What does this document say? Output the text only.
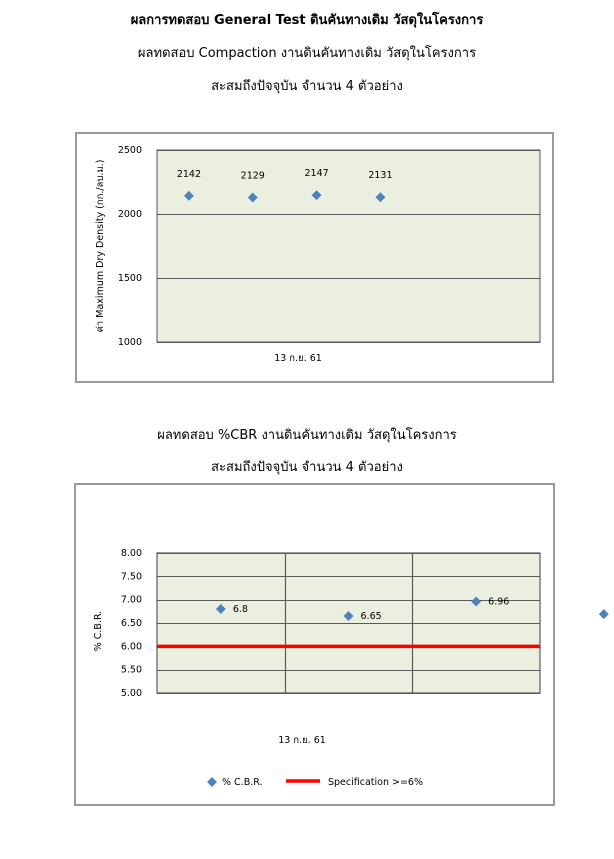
ผลการทดสอบ General Test ดินคันทางเดิม วัสดุในโครงการ
ผลทดสอบ Compaction งานดินคันทางเดิม วัสดุในโครงการ
สะสมถึงปัจจุบัน จำนวน 4 ตัวอย่าง
ผลทดสอบ %CBR งานดินคันทางเดิม วัสดุในโครงการ
สะสมถึงปัจจุบัน จำนวน 4 ตัวอย่าง
1000
1500
2000
2500
ค่า Maximum Dry Density (กก./ลบ.ม.)
13 ก.ย. 61
2142	2129	2147	2131
5.00
5.50
6.00
6.50
7.00
7.50
8.00
% C.B.R.
13 ก.ย. 61
6.8
6.65
6.96
% C.B.R.	Specification >=6%
